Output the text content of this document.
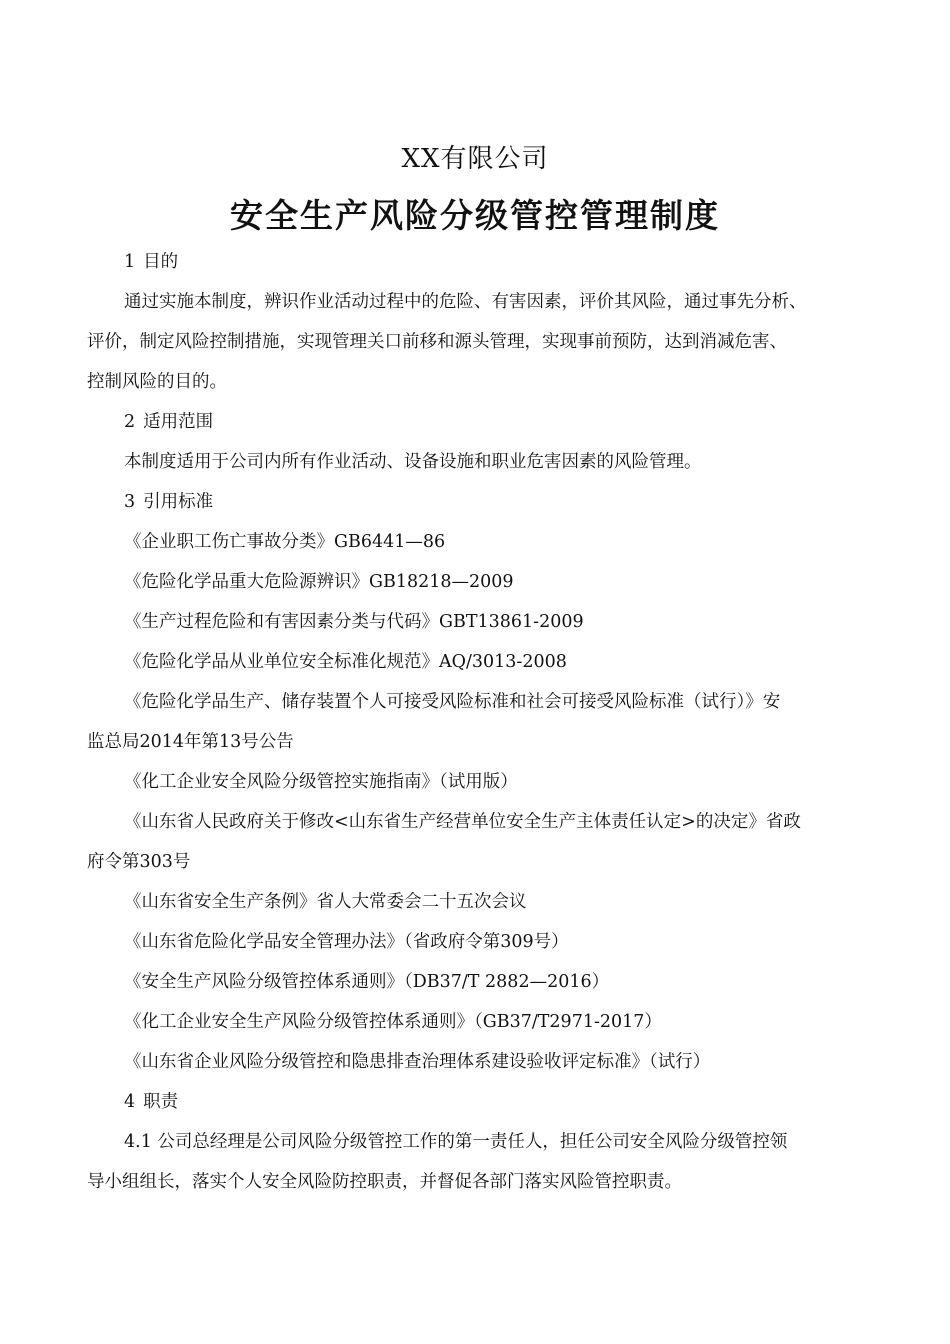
XX有限公司
安全生产风险分级管控管理制度
1 目的
通过实施本制度，辨识作业活动过程中的危险、有害因素，评价其风险，通过事先分析、
评价，制定风险控制措施，实现管理关口前移和源头管理，实现事前预防，达到消减危害、
控制风险的目的。
2 适用范围
本制度适用于公司内所有作业活动、设备设施和职业危害因素的风险管理。
3 引用标准
《企业职工伤亡事故分类》GB6441—86
《危险化学品重大危险源辨识》GB18218—2009
《生产过程危险和有害因素分类与代码》GBT13861-2009
《危险化学品从业单位安全标准化规范》AQ/3013-2008
《危险化学品生产、储存装置个人可接受风险标准和社会可接受风险标准（试行）》安
监总局2014年第13号公告
《化工企业安全风险分级管控实施指南》（试用版）
《山东省人民政府关于修改<山东省生产经营单位安全生产主体责任认定>的决定》省政
府令第303号
《山东省安全生产条例》省人大常委会二十五次会议
《山东省危险化学品安全管理办法》（省政府令第309号）
《安全生产风险分级管控体系通则》（DB37/T 2882—2016）
《化工企业安全生产风险分级管控体系通则》（GB37/T2971-2017）
《山东省企业风险分级管控和隐患排查治理体系建设验收评定标准》（试行）
4 职责
4.1 公司总经理是公司风险分级管控工作的第一责任人，担任公司安全风险分级管控领
导小组组长，落实个人安全风险防控职责，并督促各部门落实风险管控职责。
